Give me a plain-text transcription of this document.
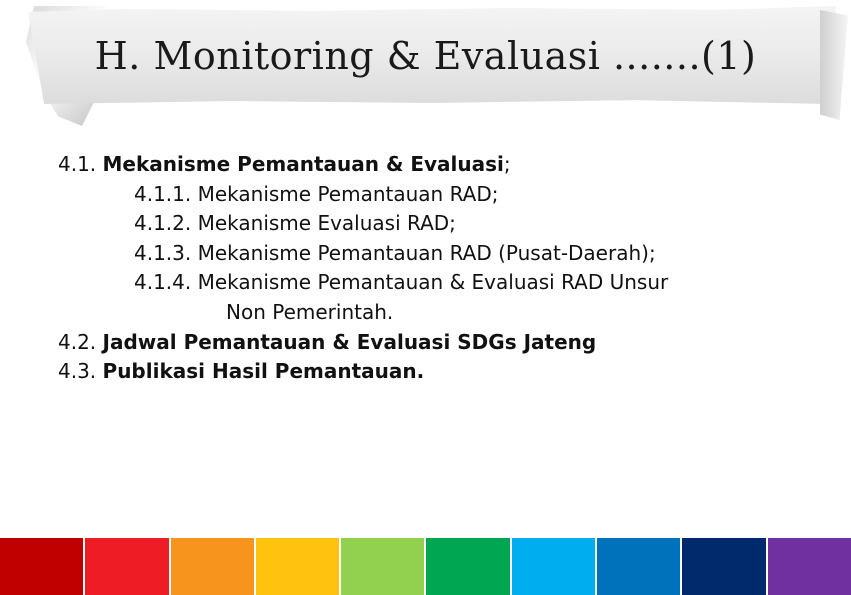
H. Monitoring & Evaluasi .......(1)
4.1. Mekanisme Pemantauan & Evaluasi;
4.1.1. Mekanisme Pemantauan RAD;
4.1.2. Mekanisme Evaluasi RAD;
4.1.3. Mekanisme Pemantauan RAD (Pusat-Daerah);
4.1.4. Mekanisme Pemantauan & Evaluasi RAD Unsur
Non Pemerintah.
4.2. Jadwal Pemantauan & Evaluasi SDGs Jateng
4.3. Publikasi Hasil Pemantauan.
